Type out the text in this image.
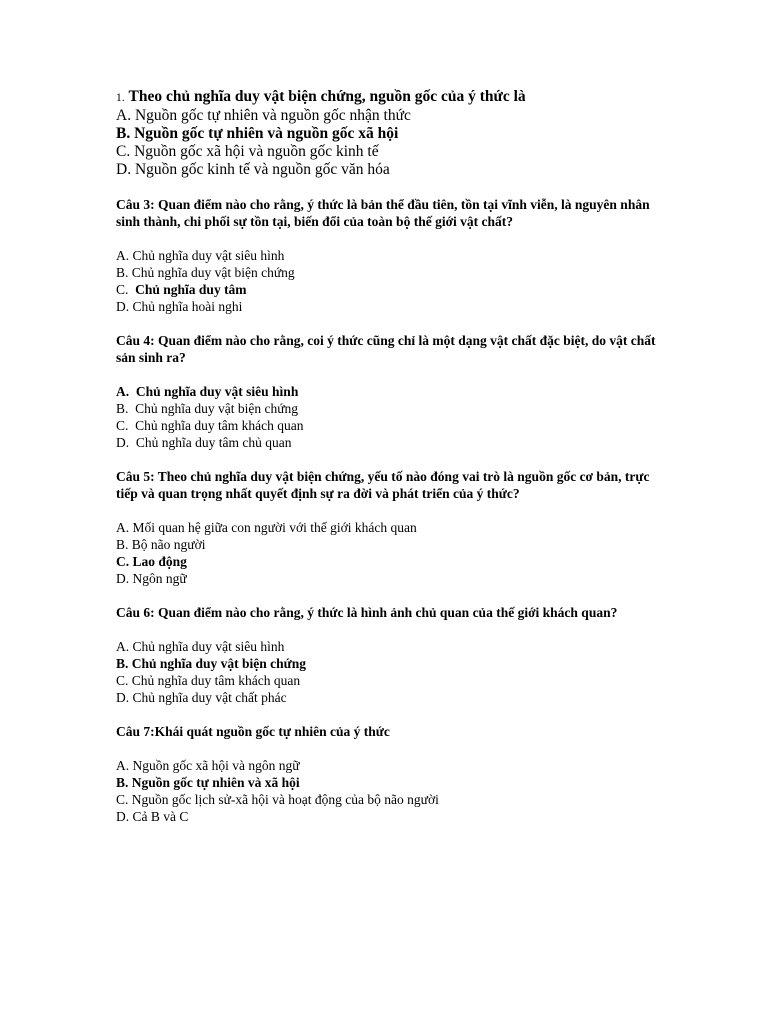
1. Theo chủ nghĩa duy vật biện chứng, nguồn gốc của ý thức là
A. Nguồn gốc tự nhiên và nguồn gốc nhận thức
B. Nguồn gốc tự nhiên và nguồn gốc xã hội
C. Nguồn gốc xã hội và nguồn gốc kinh tế
D. Nguồn gốc kinh tế và nguồn gốc văn hóa

Câu 3: Quan điểm nào cho rằng, ý thức là bản thể đầu tiên, tồn tại vĩnh viễn, là nguyên nhân sinh thành, chi phối sự tồn tại, biến đổi của toàn bộ thế giới vật chất?

A. Chủ nghĩa duy vật siêu hình
B. Chủ nghĩa duy vật biện chứng
C.  Chủ nghĩa duy tâm
D. Chủ nghĩa hoài nghi

Câu 4: Quan điểm nào cho rằng, coi ý thức cũng chỉ là một dạng vật chất đặc biệt, do vật chất sản sinh ra?

A.  Chủ nghĩa duy vật siêu hình
B.  Chủ nghĩa duy vật biện chứng
C.  Chủ nghĩa duy tâm khách quan
D.  Chủ nghĩa duy tâm chủ quan

Câu 5: Theo chủ nghĩa duy vật biện chứng, yếu tố nào đóng vai trò là nguồn gốc cơ bản, trực tiếp và quan trọng nhất quyết định sự ra đời và phát triển của ý thức?

A. Mối quan hệ giữa con người với thế giới khách quan
B. Bộ não người
C. Lao động
D. Ngôn ngữ

Câu 6: Quan điểm nào cho rằng, ý thức là hình ảnh chủ quan của thế giới khách quan?

A. Chủ nghĩa duy vật siêu hình
B. Chủ nghĩa duy vật biện chứng
C. Chủ nghĩa duy tâm khách quan
D. Chủ nghĩa duy vật chất phác

Câu 7:Khái quát nguồn gốc tự nhiên của ý thức

A. Nguồn gốc xã hội và ngôn ngữ
B. Nguồn gốc tự nhiên và xã hội
C. Nguồn gốc lịch sử-xã hội và hoạt động của bộ não người
D. Cả B và C
